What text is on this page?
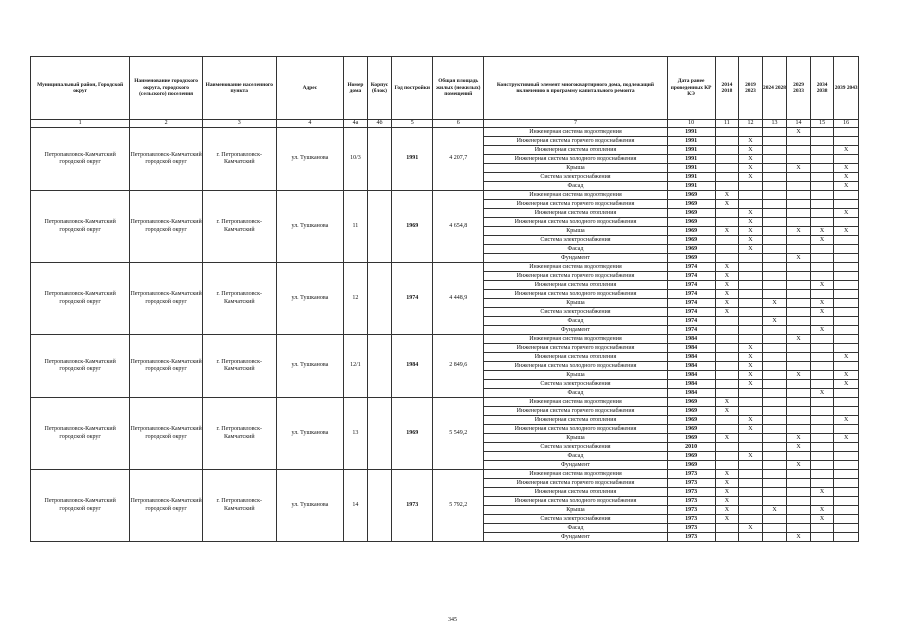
Муниципальный район, Городской округ	Наименование городского округа, городского (сельского) поселения	Наименование населенного пункта	Адрес	Номер дома	Корпус (блок)	Год постройки	Общая площадь жилых (нежилых) помещений	Конструктивный элемент многоквартирного дома, подлежащий включению в программу капитального ремонта	Дата ранее проведенных КР КЭ	2014 2018	2019 2023	2024 2028	2029 2033	2034 2038	2039 2043
1	2	3	4	4а	4б	5	6	7	10	11	12	13	14	15	16
Петропавловск-Камчатский городской округ	Петропавловск-Камчатский городской округ	г. Петропавловск-Камчатский	ул. Тушканова	10/3		1991	4 207,7	Инженерная система водоотведения	1991				X		
								Инженерная система горячего водоснабжения	1991		X				
								Инженерная система отопления	1991		X				X
								Инженерная система холодного водоснабжения	1991		X				
								Крыша	1991		X		X		X
								Система электроснабжения	1991		X				X
								Фасад	1991						X
Петропавловск-Камчатский городской округ	Петропавловск-Камчатский городской округ	г. Петропавловск-Камчатский	ул. Тушканова	11		1969	4 654,8	Инженерная система водоотведения	1969	X					
								Инженерная система горячего водоснабжения	1969	X					
								Инженерная система отопления	1969		X				X
								Инженерная система холодного водоснабжения	1969		X				
								Крыша	1969	X	X		X	X	X
								Система электроснабжения	1969		X			X	
								Фасад	1969		X				
								Фундамент	1969				X		
Петропавловск-Камчатский городской округ	Петропавловск-Камчатский городской округ	г. Петропавловск-Камчатский	ул. Тушканова	12		1974	4 448,9	Инженерная система водоотведения	1974	X					
								Инженерная система горячего водоснабжения	1974	X					
								Инженерная система отопления	1974	X				X	
								Инженерная система холодного водоснабжения	1974	X					
								Крыша	1974	X		X		X	
								Система электроснабжения	1974	X				X	
								Фасад	1974			X			
								Фундамент	1974					X	
Петропавловск-Камчатский городской округ	Петропавловск-Камчатский городской округ	г. Петропавловск-Камчатский	ул. Тушканова	12/1		1984	2 849,6	Инженерная система водоотведения	1984				X		
								Инженерная система горячего водоснабжения	1984		X				
								Инженерная система отопления	1984		X				X
								Инженерная система холодного водоснабжения	1984		X				
								Крыша	1984		X		X		X
								Система электроснабжения	1984		X				X
								Фасад	1984					X	
Петропавловск-Камчатский городской округ	Петропавловск-Камчатский городской округ	г. Петропавловск-Камчатский	ул. Тушканова	13		1969	5 549,2	Инженерная система водоотведения	1969	X					
								Инженерная система горячего водоснабжения	1969	X					
								Инженерная система отопления	1969		X				X
								Инженерная система холодного водоснабжения	1969		X				
								Крыша	1969	X			X		X
								Система электроснабжения	2010				X		
								Фасад	1969		X				
								Фундамент	1969				X		
Петропавловск-Камчатский городской округ	Петропавловск-Камчатский городской округ	г. Петропавловск-Камчатский	ул. Тушканова	14		1973	5 792,2	Инженерная система водоотведения	1973	X					
								Инженерная система горячего водоснабжения	1973	X					
								Инженерная система отопления	1973	X				X	
								Инженерная система холодного водоснабжения	1973	X					
								Крыша	1973	X		X		X	
								Система электроснабжения	1973	X				X	
								Фасад	1973		X				
								Фундамент	1973				X		
345
